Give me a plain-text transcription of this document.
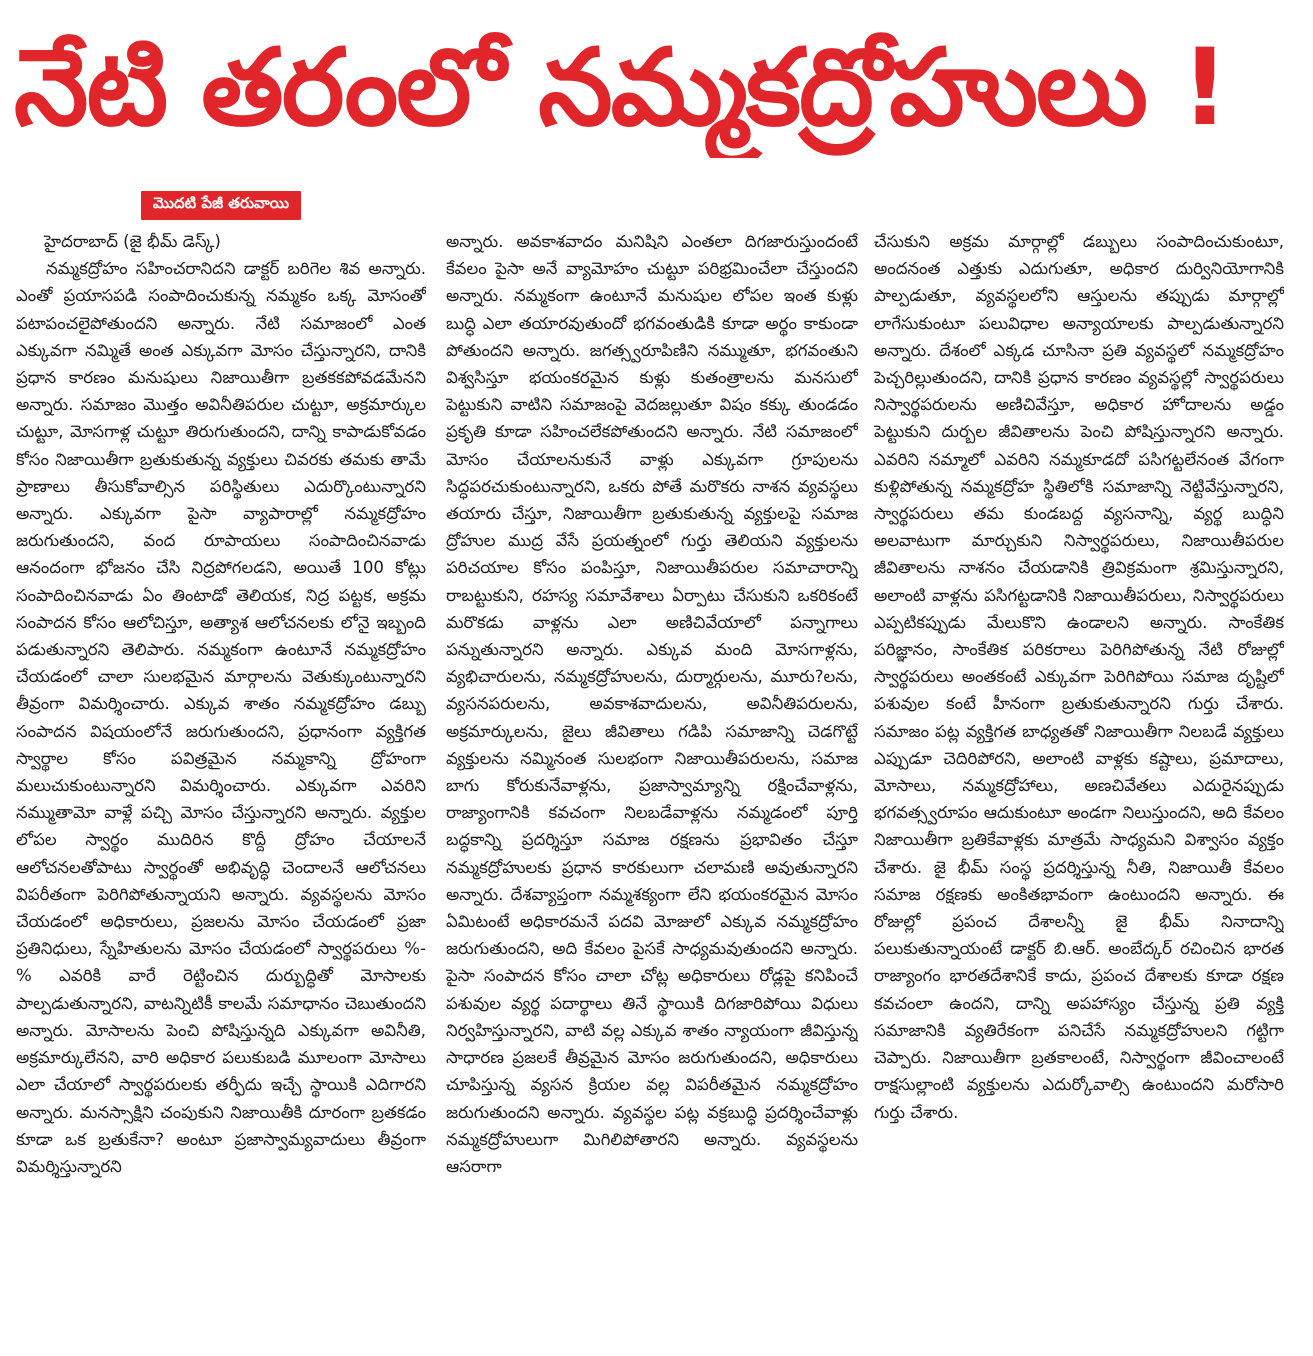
నేటి తరంలో నమ్మకద్రోహులు !
మొదటి పేజీ తరువాయి

హైదరాబాద్ (జై భీమ్ డెస్క్)

నమ్మకద్రోహం సహించరానిదని డాక్టర్ బరిగెల శివ అన్నారు. ఎంతో ప్రయాసపడి సంపాదించుకున్న నమ్మకం ఒక్క మోసంతో పటాపంచలైపోతుందని అన్నారు. నేటి సమాజంలో ఎంత ఎక్కువగా నమ్మితే అంత ఎక్కువగా మోసం చేస్తున్నారని, దానికి ప్రధాన కారణం మనుషులు నిజాయితీగా బ్రతకకపోవడమేనని అన్నారు. సమాజం మొత్తం అవినీతిపరుల చుట్టూ, అక్రమార్కుల చుట్టూ, మోసగాళ్ల చుట్టూ తిరుగుతుందని, దాన్ని కాపాడుకోవడం కోసం నిజాయితీగా బ్రతుకుతున్న వ్యక్తులు చివరకు తమకు తామే ప్రాణాలు తీసుకోవాల్సిన పరిస్థితులు ఎదుర్కొంటున్నారని అన్నారు. ఎక్కువగా పైసా వ్యాపారాల్లో నమ్మకద్రోహం జరుగుతుందని, వంద రూపాయలు సంపాదించినవాడు ఆనందంగా భోజనం చేసి నిద్రపోగలడని, అయితే 100 కోట్లు సంపాదించినవాడు ఏం తింటాడో తెలియక, నిద్ర పట్టక, అక్రమ సంపాదన కోసం ఆలోచిస్తూ, అత్యాశ ఆలోచనలకు లోనై ఇబ్బంది పడుతున్నారని తెలిపారు. నమ్మకంగా ఉంటూనే నమ్మకద్రోహం చేయడంలో చాలా సులభమైన మార్గాలను వెతుక్కుంటున్నారని తీవ్రంగా విమర్శించారు. ఎక్కువ శాతం నమ్మకద్రోహం డబ్బు సంపాదన విషయంలోనే జరుగుతుందని, ప్రధానంగా వ్యక్తిగత స్వార్థాల కోసం పవిత్రమైన నమ్మకాన్ని ద్రోహంగా మలుచుకుంటున్నారని విమర్శించారు. ఎక్కువగా ఎవరిని నమ్ముతామో వాళ్లే పచ్చి మోసం చేస్తున్నారని అన్నారు. వ్యక్తుల లోపల స్వార్థం ముదిరిన కొద్దీ ద్రోహం చేయాలనే ఆలోచనలతోపాటు స్వార్థంతో అభివృద్ధి చెందాలనే ఆలోచనలు విపరీతంగా పెరిగిపోతున్నాయని అన్నారు. వ్యవస్థలను మోసం చేయడంలో అధికారులు, ప్రజలను మోసం చేయడంలో ప్రజా ప్రతినిధులు, స్నేహితులను మోసం చేయడంలో స్వార్థపరులు %-% ఎవరికి వారే రెట్టించిన దుర్బుద్ధితో మోసాలకు పాల్పడుతున్నారని, వాటన్నిటికీ కాలమే సమాధానం చెబుతుందని అన్నారు. మోసాలను పెంచి పోషిస్తున్నది ఎక్కువగా అవినీతి, అక్రమార్కులేనని, వారి అధికార పలుకుబడి మూలంగా మోసాలు ఎలా చేయాలో స్వార్థపరులకు తర్ఫీదు ఇచ్చే స్థాయికి ఎదిగారని అన్నారు. మనస్సాక్షిని చంపుకుని నిజాయితీకి దూరంగా బ్రతకడం కూడా ఒక బ్రతుకేనా? అంటూ ప్రజాస్వామ్యవాదులు తీవ్రంగా విమర్శిస్తున్నారని

అన్నారు. అవకాశవాదం మనిషిని ఎంతలా దిగజారుస్తుందంటే కేవలం పైసా అనే వ్యామోహం చుట్టూ పరిభ్రమించేలా చేస్తుందని అన్నారు. నమ్మకంగా ఉంటూనే మనుషుల లోపల ఇంత కుళ్లు బుద్ధి ఎలా తయారవుతుందో భగవంతుడికి కూడా అర్థం కాకుండా పోతుందని అన్నారు. జగత్స్వరూపిణిని నమ్ముతూ, భగవంతుని విశ్వసిస్తూ భయంకరమైన కుళ్లు కుతంత్రాలను మనసులో పెట్టుకుని వాటిని సమాజంపై వెదజల్లుతూ విషం కక్కు తుండడం ప్రకృతి కూడా సహించలేకపోతుందని అన్నారు. నేటి సమాజంలో మోసం చేయాలనుకునే వాళ్లు ఎక్కువగా గ్రూపులను సిద్ధపరచుకుంటున్నారని, ఒకరు పోతే మరొకరు నాశన వ్యవస్థలు తయారు చేస్తూ, నిజాయితీగా బ్రతుకుతున్న వ్యక్తులపై సమాజ ద్రోహుల ముద్ర వేసే ప్రయత్నంలో గుర్తు తెలియని వ్యక్తులను పరిచయాల కోసం పంపిస్తూ, నిజాయితీపరుల సమాచారాన్ని రాబట్టుకుని, రహస్య సమావేశాలు ఏర్పాటు చేసుకుని ఒకరికంటే మరొకడు వాళ్లను ఎలా అణిచివేయాలో పన్నాగాలు పన్నుతున్నారని అన్నారు. ఎక్కువ మంది మోసగాళ్లను, వ్యభిచారులను, నమ్మకద్రోహులను, దుర్మార్గులను, మూరు?లను, వ్యసనపరులను, అవకాశవాదులను, అవినీతిపరులను, అక్రమార్కులను, జైలు జీవితాలు గడిపి సమాజాన్ని చెడగొట్టే వ్యక్తులను నమ్మినంత సులభంగా నిజాయితీపరులను, సమాజ బాగు కోరుకునేవాళ్లను, ప్రజాస్వామ్యాన్ని రక్షించేవాళ్లను, రాజ్యాంగానికి కవచంగా నిలబడేవాళ్లను నమ్మడంలో పూర్తి బద్ధకాన్ని ప్రదర్శిస్తూ సమాజ రక్షణను ప్రభావితం చేస్తూ నమ్మకద్రోహులకు ప్రధాన కారకులుగా చలామణి అవుతున్నారని అన్నారు. దేశవ్యాప్తంగా నమ్మశక్యంగా లేని భయంకరమైన మోసం ఏమిటంటే అధికారమనే పదవి మోజులో ఎక్కువ నమ్మకద్రోహం జరుగుతుందని, అది కేవలం పైసకే సాధ్యమవుతుందని అన్నారు. పైసా సంపాదన కోసం చాలా చోట్ల అధికారులు రోడ్లపై కనిపించే పశువుల వ్యర్థ పదార్థాలు తినే స్థాయికి దిగజారిపోయి విధులు నిర్వహిస్తున్నారని, వాటి వల్ల ఎక్కువ శాతం న్యాయంగా జీవిస్తున్న సాధారణ ప్రజలకే తీవ్రమైన మోసం జరుగుతుందని, అధికారులు చూపిస్తున్న వ్యసన క్రియల వల్ల విపరీతమైన నమ్మకద్రోహం జరుగుతుందని అన్నారు. వ్యవస్థల పట్ల వక్రబుద్ధి ప్రదర్శించేవాళ్లు నమ్మకద్రోహులుగా మిగిలిపోతారని అన్నారు. వ్యవస్థలను ఆసరాగా

చేసుకుని అక్రమ మార్గాల్లో డబ్బులు సంపాదించుకుంటూ, అందనంత ఎత్తుకు ఎదుగుతూ, అధికార దుర్వినియోగానికి పాల్పడుతూ, వ్యవస్థలలోని ఆస్తులను తప్పుడు మార్గాల్లో లాగేసుకుంటూ పలువిధాల అన్యాయాలకు పాల్పడుతున్నారని అన్నారు. దేశంలో ఎక్కడ చూసినా ప్రతి వ్యవస్థలో నమ్మకద్రోహం పెచ్చరిల్లుతుందని, దానికి ప్రధాన కారణం వ్యవస్థల్లో స్వార్థపరులు నిస్వార్థపరులను అణిచివేస్తూ, అధికార హోదాలను అడ్డం పెట్టుకుని దుర్బల జీవితాలను పెంచి పోషిస్తున్నారని అన్నారు. ఎవరిని నమ్మాలో ఎవరిని నమ్మకూడదో పసిగట్టలేనంత వేగంగా కుళ్లిపోతున్న నమ్మకద్రోహ స్థితిలోకి సమాజాన్ని నెట్టివేస్తున్నారని, స్వార్థపరులు తమ కుండబద్ద వ్యసనాన్ని, వ్యర్థ బుద్ధిని అలవాటుగా మార్చుకుని నిస్వార్థపరులు, నిజాయితీపరుల జీవితాలను నాశనం చేయడానికి త్రివిక్రమంగా శ్రమిస్తున్నారని, అలాంటి వాళ్లను పసిగట్టడానికి నిజాయితీపరులు, నిస్వార్థపరులు ఎప్పటికప్పుడు మేలుకొని ఉండాలని అన్నారు. సాంకేతిక పరిజ్ఞానం, సాంకేతిక పరికరాలు పెరిగిపోతున్న నేటి రోజుల్లో స్వార్థపరులు అంతకంటే ఎక్కువగా పెరిగిపోయి సమాజ దృష్టిలో పశువుల కంటే హీనంగా బ్రతుకుతున్నారని గుర్తు చేశారు. సమాజం పట్ల వ్యక్తిగత బాధ్యతతో నిజాయితీగా నిలబడే వ్యక్తులు ఎప్పుడూ చెదిరిపోరని, అలాంటి వాళ్లకు కష్టాలు, ప్రమాదాలు, మోసాలు, నమ్మకద్రోహాలు, అణచివేతలు ఎదురైనప్పుడు భగవత్స్వరూపం ఆదుకుంటూ అండగా నిలుస్తుందని, అది కేవలం నిజాయితీగా బ్రతికేవాళ్లకు మాత్రమే సాధ్యమని విశ్వాసం వ్యక్తం చేశారు. జై భీమ్ సంస్థ ప్రదర్శిస్తున్న నీతి, నిజాయితీ కేవలం సమాజ రక్షణకు అంకితభావంగా ఉంటుందని అన్నారు. ఈ రోజుల్లో ప్రపంచ దేశాలన్నీ జై భీమ్ నినాదాన్ని పలుకుతున్నాయంటే డాక్టర్ బి.ఆర్. అంబేద్కర్ రచించిన భారత రాజ్యాంగం భారతదేశానికే కాదు, ప్రపంచ దేశాలకు కూడా రక్షణ కవచంలా ఉందని, దాన్ని అపహాస్యం చేస్తున్న ప్రతి వ్యక్తి సమాజానికి వ్యతిరేకంగా పనిచేసే నమ్మకద్రోహులని గట్టిగా చెప్పారు. నిజాయితీగా బ్రతకాలంటే, నిస్వార్థంగా జీవించాలంటే రాక్షసుల్లాంటి వ్యక్తులను ఎదుర్కోవాల్సి ఉంటుందని మరోసారి గుర్తు చేశారు.
